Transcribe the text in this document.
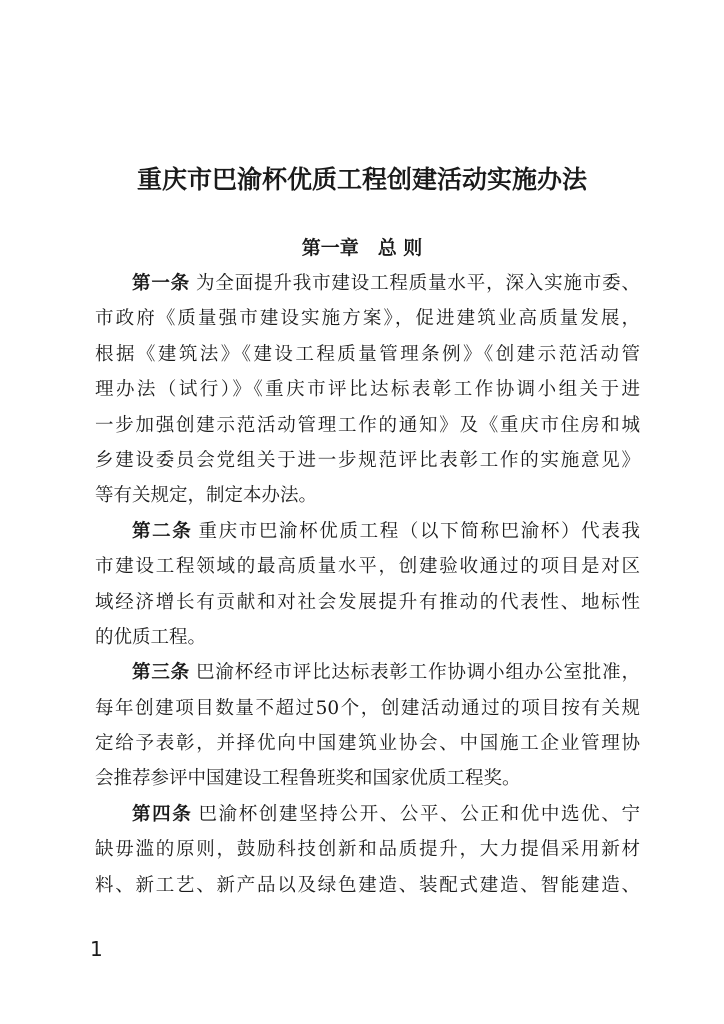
重庆市巴渝杯优质工程创建活动实施办法
第一章　总 则
第一条 为全面提升我市建设工程质量水平，深入实施市委、
市政府《质量强市建设实施方案》，促进建筑业高质量发展，
根据《建筑法》《建设工程质量管理条例》《创建示范活动管
理办法（试行）》《重庆市评比达标表彰工作协调小组关于进
一步加强创建示范活动管理工作的通知》及《重庆市住房和城
乡建设委员会党组关于进一步规范评比表彰工作的实施意见》
等有关规定，制定本办法。
第二条 重庆市巴渝杯优质工程（以下简称巴渝杯）代表我
市建设工程领域的最高质量水平，创建验收通过的项目是对区
域经济增长有贡献和对社会发展提升有推动的代表性、地标性
的优质工程。
第三条 巴渝杯经市评比达标表彰工作协调小组办公室批准，
每年创建项目数量不超过50个，创建活动通过的项目按有关规
定给予表彰，并择优向中国建筑业协会、中国施工企业管理协
会推荐参评中国建设工程鲁班奖和国家优质工程奖。
第四条 巴渝杯创建坚持公开、公平、公正和优中选优、宁
缺毋滥的原则，鼓励科技创新和品质提升，大力提倡采用新材
料、新工艺、新产品以及绿色建造、装配式建造、智能建造、
1
